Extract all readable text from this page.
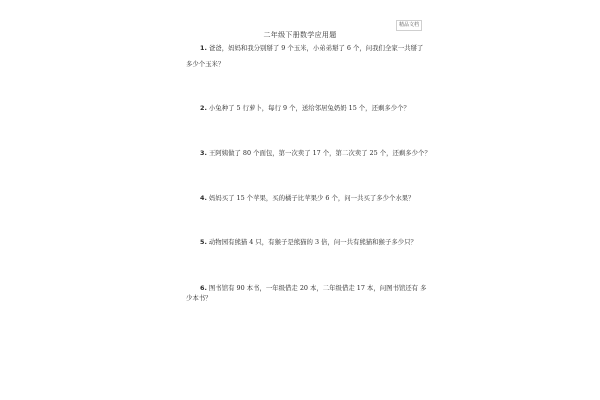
精品文档
二年级下册数学应用题
1. 爸爸，妈妈和我分别掰了 9 个玉米，小弟弟掰了 6 个，问我们全家一共掰了
多少个玉米？
2. 小兔种了 5 行萝卜，每行 9 个，送给邻居兔奶奶 15 个，还剩多少个？
3. 王阿姨做了 80 个面包，第一次卖了 17 个，第二次卖了 25 个，还剩多少个？
4. 妈妈买了 15 个苹果，买的橘子比苹果少 6 个，问一共买了多少个水果？
5. 动物园有熊猫 4 只，有猴子是熊猫的 3 倍，问一共有熊猫和猴子多少只？
6. 图书馆有 90 本书，一年级借走 20 本，二年级借走 17 本，问图书馆还有 多
少本书？
